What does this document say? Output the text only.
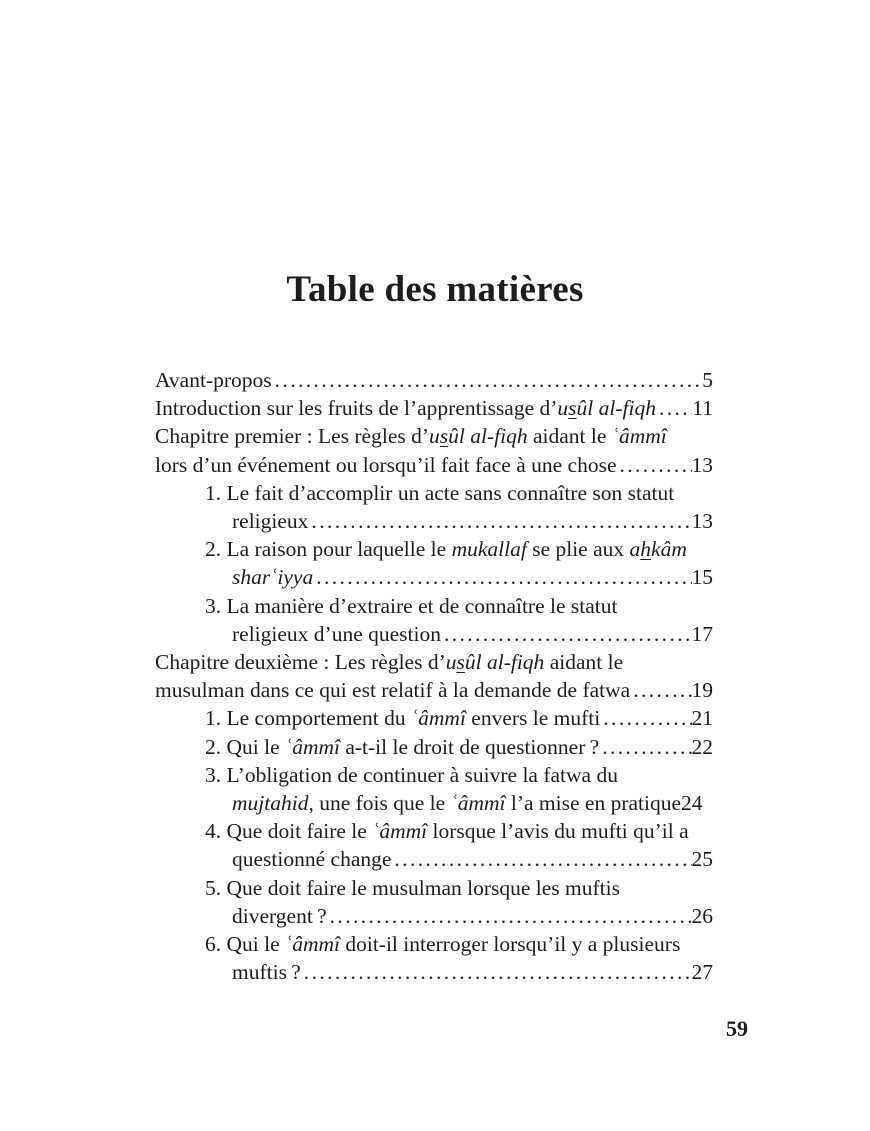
Table des matières
Avant-propos .....	5
Introduction sur les fruits de l’apprentissage d’usûl al-fiqh ..... 11
Chapitre premier : Les règles d’usûl al-fiqh aidant le ʿâmmî
lors d’un événement ou lorsqu’il fait face à une chose .....	13
1. Le fait d’accomplir un acte sans connaître son statut
religieux .....	13
2. La raison pour laquelle le mukallaf se plie aux ahkâm
sharʿiyya .....	15
3. La manière d’extraire et de connaître le statut
religieux d’une question .....	17
Chapitre deuxième : Les règles d’usûl al-fiqh aidant le
musulman dans ce qui est relatif à la demande de fatwa .....	19
1. Le comportement du ʿâmmî envers le mufti .....	21
2. Qui le ʿâmmî a-t-il le droit de questionner ? .....	22
3. L’obligation de continuer à suivre la fatwa du
mujtahid, une fois que le ʿâmmî l’a mise en pratique 24
4. Que doit faire le ʿâmmî lorsque l’avis du mufti qu’il a
questionné change .....	25
5. Que doit faire le musulman lorsque les muftis
divergent ? .....	26
6. Qui le ʿâmmî doit-il interroger lorsqu’il y a plusieurs
muftis ? .....	27
59
